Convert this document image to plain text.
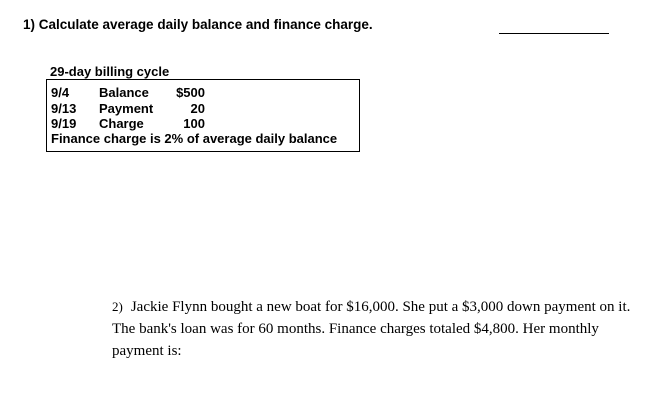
1) Calculate average daily balance and finance charge.
29-day billing cycle
9/4 Balance	$500
9/13 Payment	20
9/19 Charge	100
Finance charge is 2% of average daily balance
2) Jackie Flynn bought a new boat for $16,000. She put a $3,000 down payment on it. The bank's loan was for 60 months. Finance charges totaled $4,800. Her monthly payment is:
